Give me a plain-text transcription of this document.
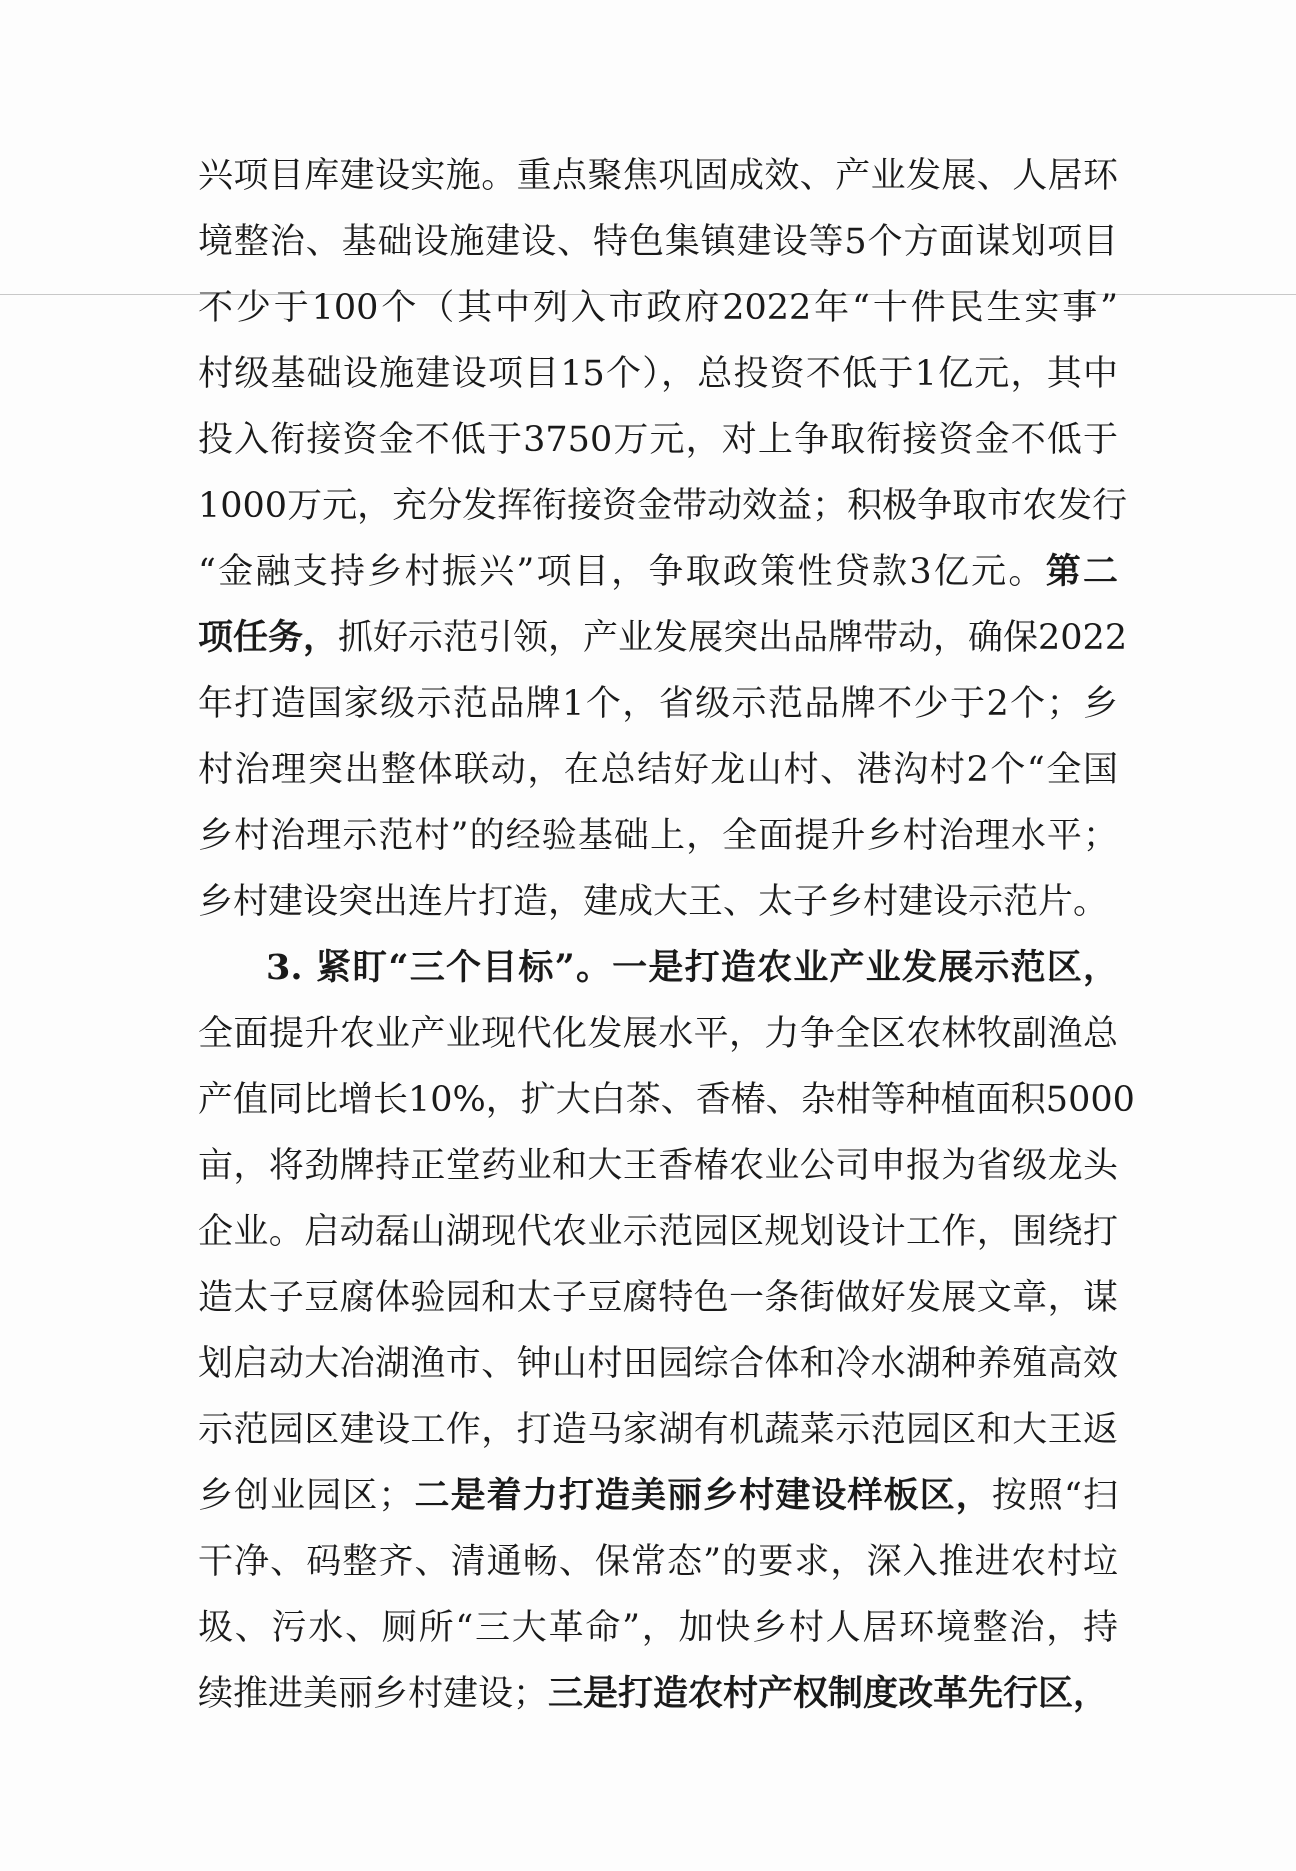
兴项目库建设实施。重点聚焦巩固成效、产业发展、人居环
境整治、基础设施建设、特色集镇建设等5个方面谋划项目
不少于100个（其中列入市政府2022年“十件民生实事”
村级基础设施建设项目15个），总投资不低于1亿元，其中
投入衔接资金不低于3750万元，对上争取衔接资金不低于
1000万元，充分发挥衔接资金带动效益；积极争取市农发行
“金融支持乡村振兴”项目，争取政策性贷款3亿元。第二
项任务，抓好示范引领，产业发展突出品牌带动，确保2022
年打造国家级示范品牌1个，省级示范品牌不少于2个；乡
村治理突出整体联动，在总结好龙山村、港沟村2个“全国
乡村治理示范村”的经验基础上，全面提升乡村治理水平；
乡村建设突出连片打造，建成大王、太子乡村建设示范片。
3. 紧盯“三个目标”。一是打造农业产业发展示范区，
全面提升农业产业现代化发展水平，力争全区农林牧副渔总
产值同比增长10%，扩大白茶、香椿、杂柑等种植面积5000
亩，将劲牌持正堂药业和大王香椿农业公司申报为省级龙头
企业。启动磊山湖现代农业示范园区规划设计工作，围绕打
造太子豆腐体验园和太子豆腐特色一条街做好发展文章，谋
划启动大冶湖渔市、钟山村田园综合体和冷水湖种养殖高效
示范园区建设工作，打造马家湖有机蔬菜示范园区和大王返
乡创业园区；二是着力打造美丽乡村建设样板区，按照“扫
干净、码整齐、清通畅、保常态”的要求，深入推进农村垃
圾、污水、厕所“三大革命”，加快乡村人居环境整治，持
续推进美丽乡村建设；三是打造农村产权制度改革先行区，
